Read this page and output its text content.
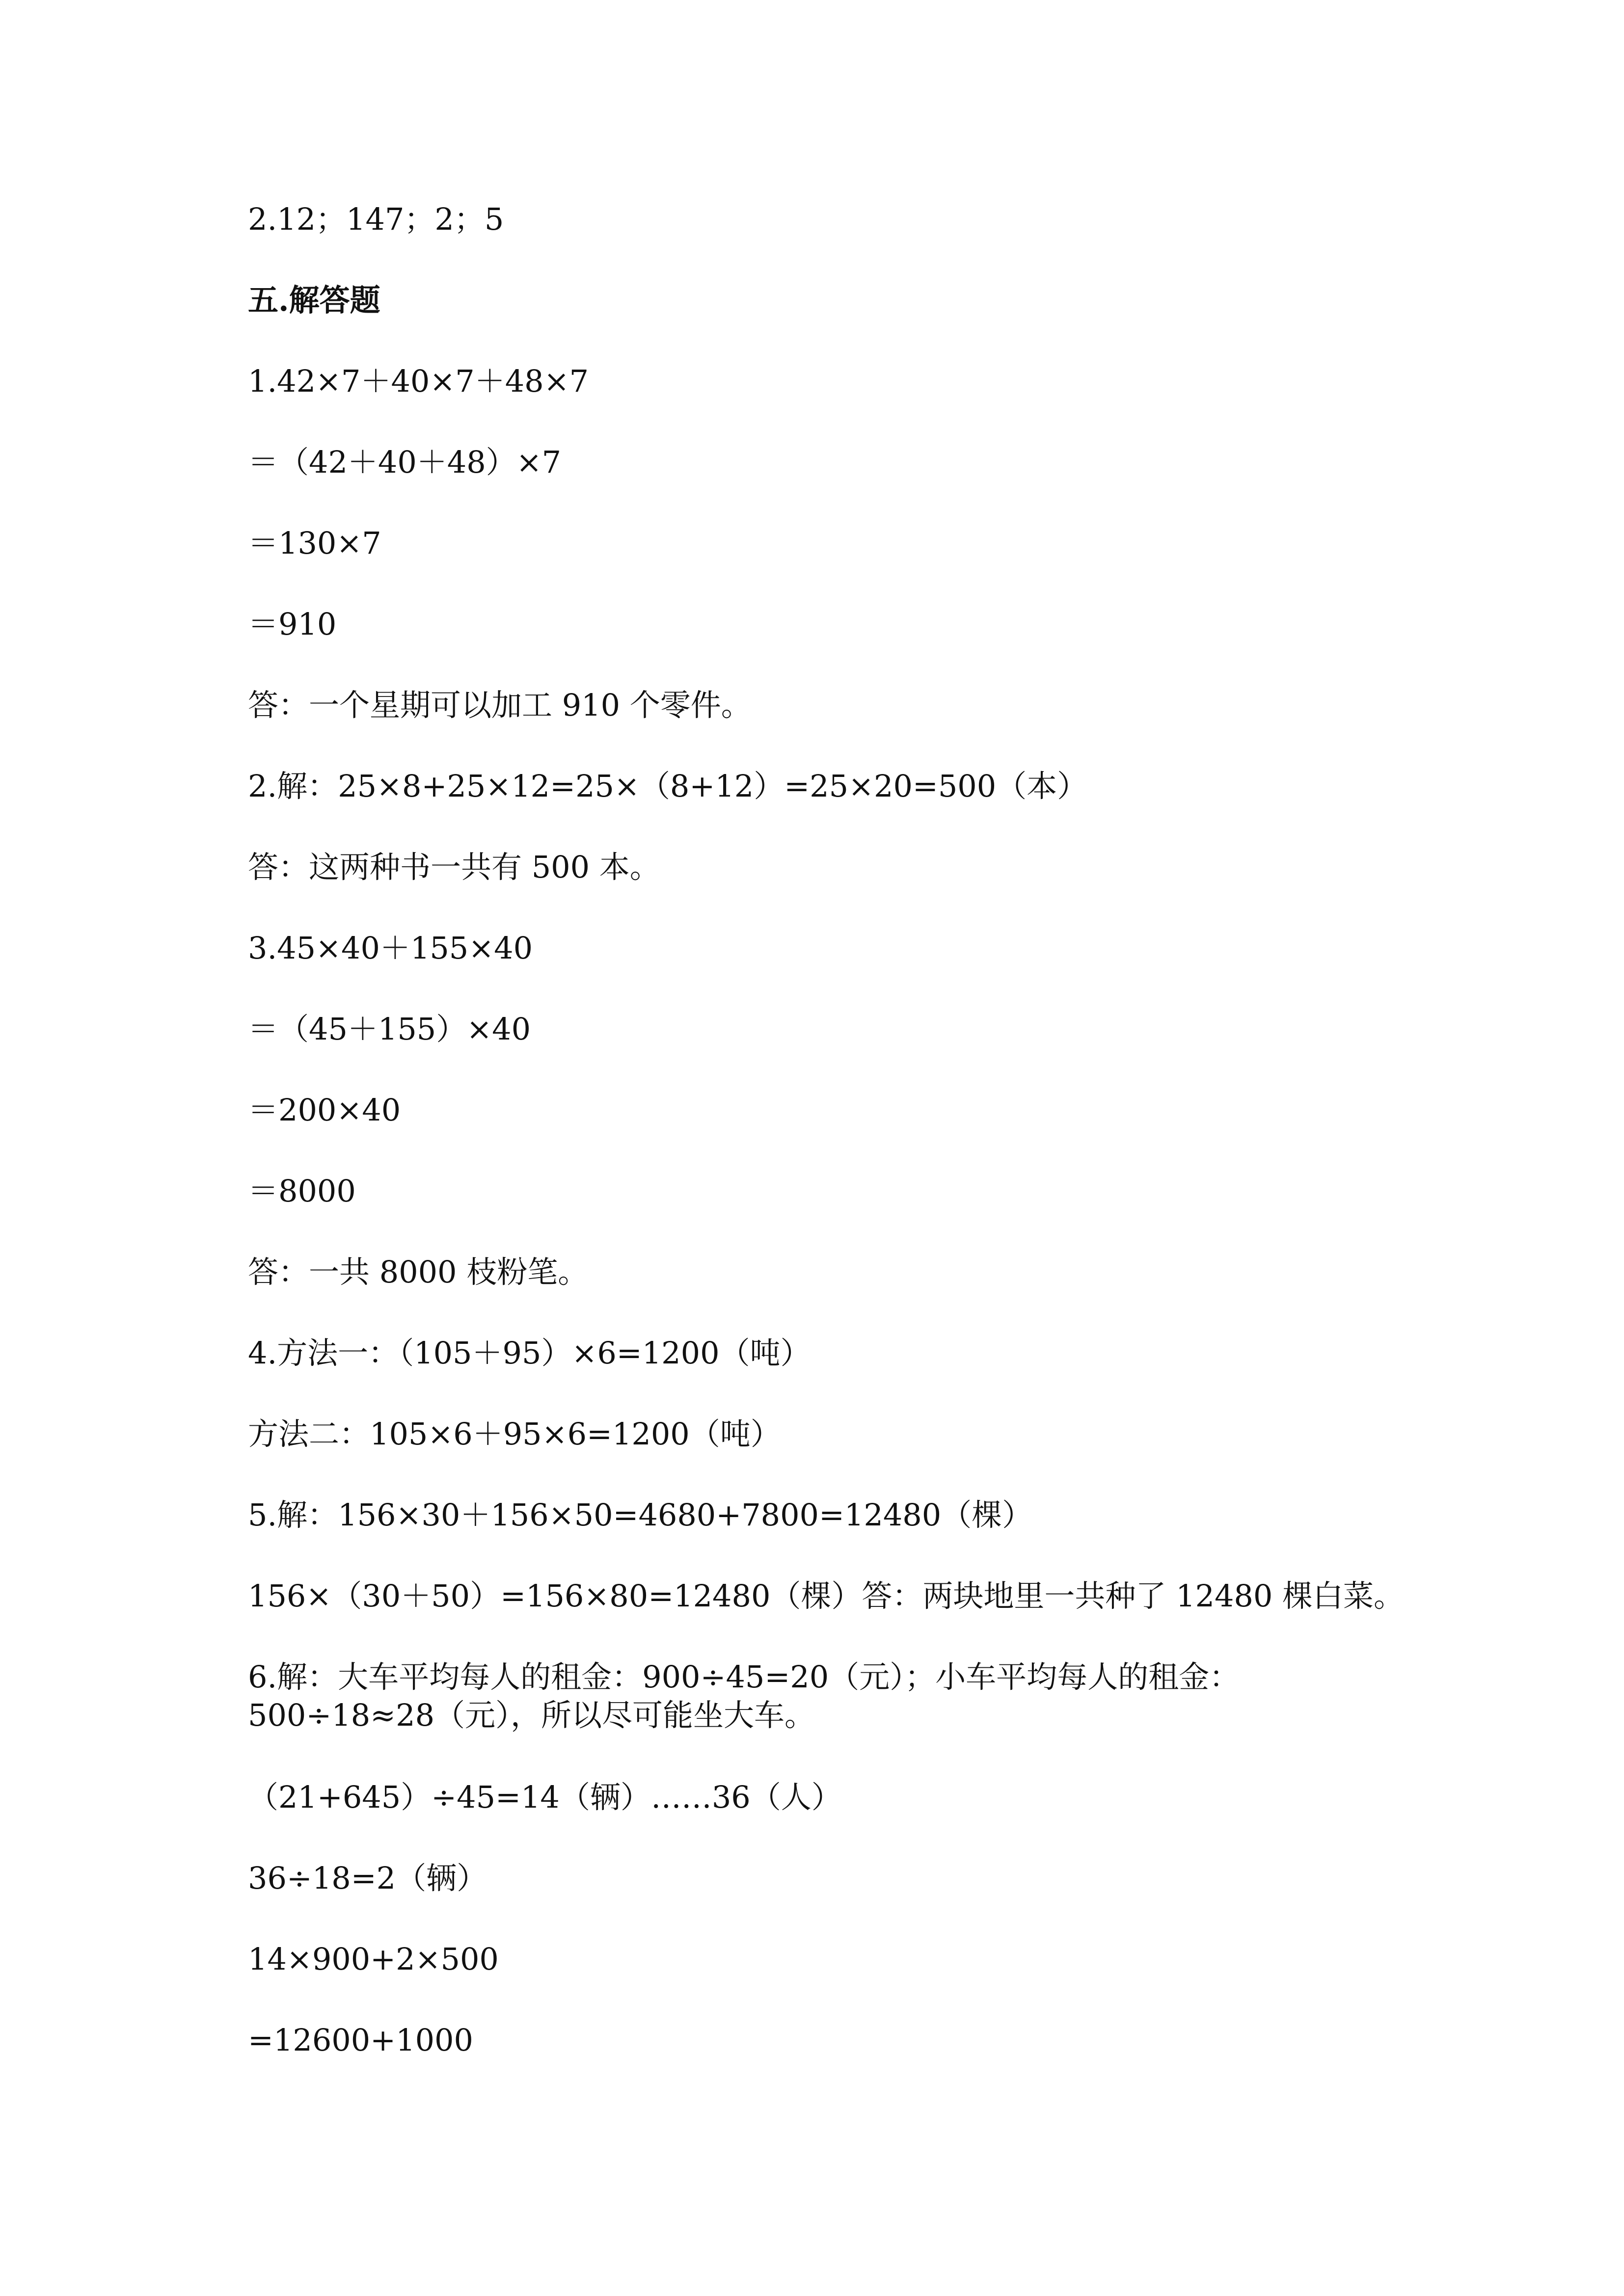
2.12；147；2；5
五.解答题
1.42×7＋40×7＋48×7
＝（42＋40＋48）×7
＝130×7
＝910
答：一个星期可以加工 910 个零件。
2.解：25×8+25×12=25×（8+12）=25×20=500（本）
答：这两种书一共有 500 本。
3.45×40＋155×40
＝（45＋155）×40
＝200×40
＝8000
答：一共 8000 枝粉笔。
4.方法一：（105＋95）×6=1200（吨）
方法二：105×6＋95×6=1200（吨）
5.解：156×30＋156×50=4680+7800=12480（棵）
156×（30＋50）=156×80=12480（棵）答：两块地里一共种了 12480 棵白菜。
6.解：大车平均每人的租金：900÷45=20（元）；小车平均每人的租金：500÷18≈28（元），所以尽可能坐大车。
（21+645）÷45=14（辆）……36（人）
36÷18=2（辆）
14×900+2×500
=12600+1000
